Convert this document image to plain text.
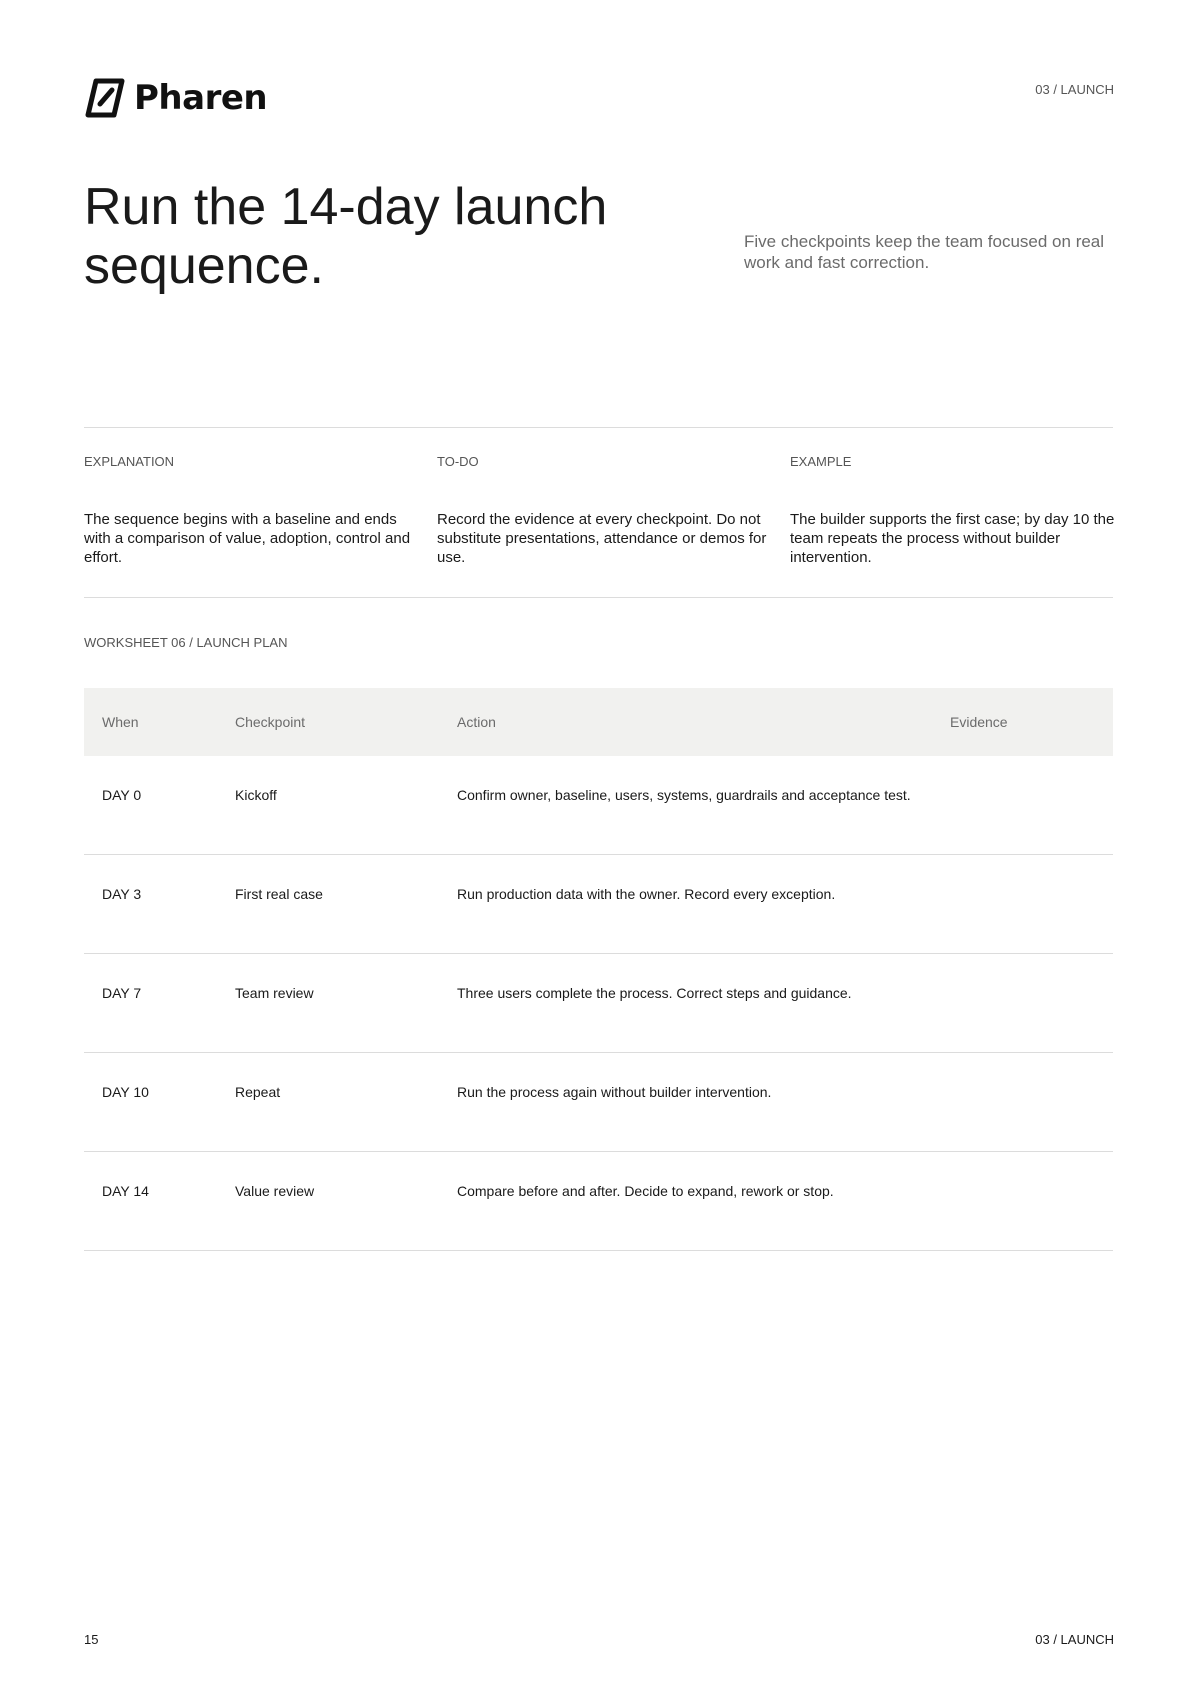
Pharen	03 / LAUNCH
Run the 14-day launch sequence.	Five checkpoints keep the team focused on real work and fast correction.
EXPLANATION
The sequence begins with a baseline and ends with a comparison of value, adoption, control and effort.
TO-DO
Record the evidence at every checkpoint. Do not substitute presentations, attendance or demos for use.
EXAMPLE
The builder supports the first case; by day 10 the team repeats the process without builder intervention.
WORKSHEET 06 / LAUNCH PLAN
When	Checkpoint	Action	Evidence
DAY 0	Kickoff	Confirm owner, baseline, users, systems, guardrails and acceptance test.
DAY 3	First real case	Run production data with the owner. Record every exception.
DAY 7	Team review	Three users complete the process. Correct steps and guidance.
DAY 10	Repeat	Run the process again without builder intervention.
DAY 14	Value review	Compare before and after. Decide to expand, rework or stop.
15	03 / LAUNCH
